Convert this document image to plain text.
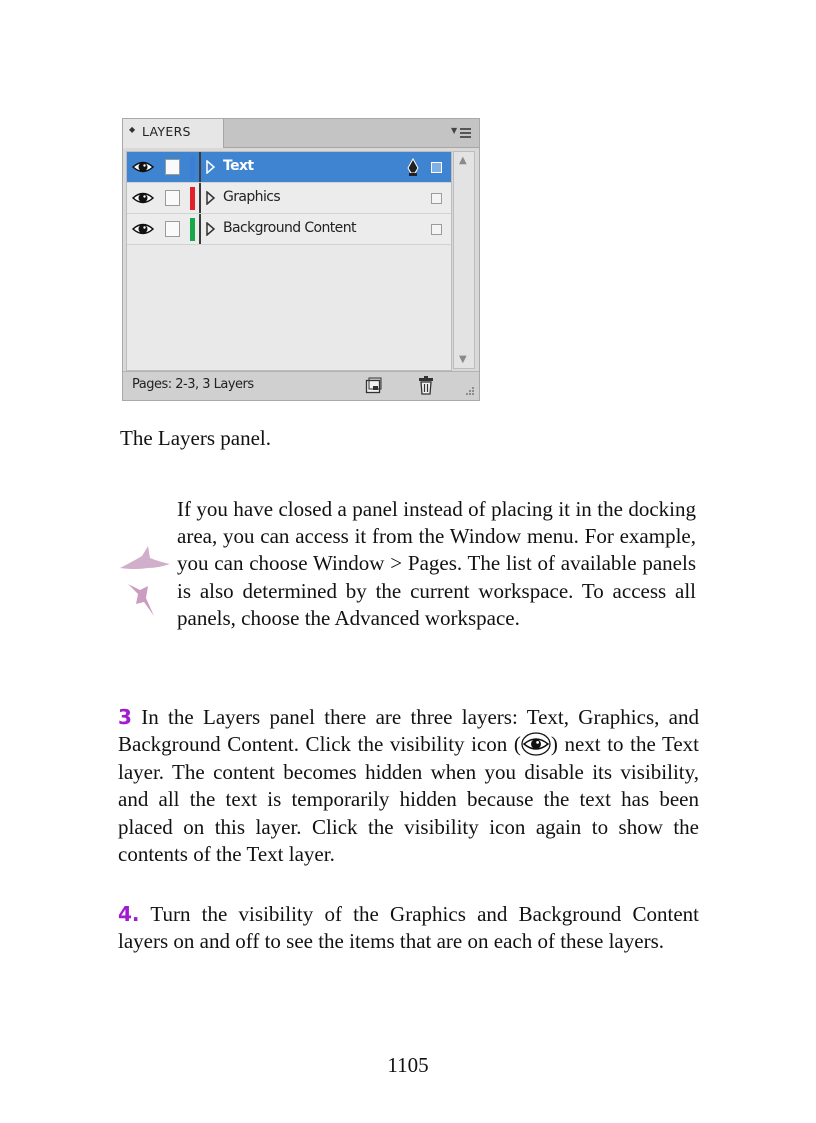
◆ LAYERS	▼
Text
Graphics
Background Content
▲
▼
Pages: 2-3, 3 Layers
The Layers panel.
If you have closed a panel instead of placing it in the docking area, you can access it from the Window menu. For example, you can choose Window > Pages. The list of available panels is also determined by the current workspace. To access all panels, choose the Advanced workspace.
3 In the Layers panel there are three layers: Text, Graphics, and Background Content. Click the visibility icon ( ) next to the Text layer. The content becomes hidden when you disable its visibility, and all the text is temporarily hidden because the text has been placed on this layer. Click the visibility icon again to show the contents of the Text layer.
4. Turn the visibility of the Graphics and Background Content layers on and off to see the items that are on each of these layers.
1105
